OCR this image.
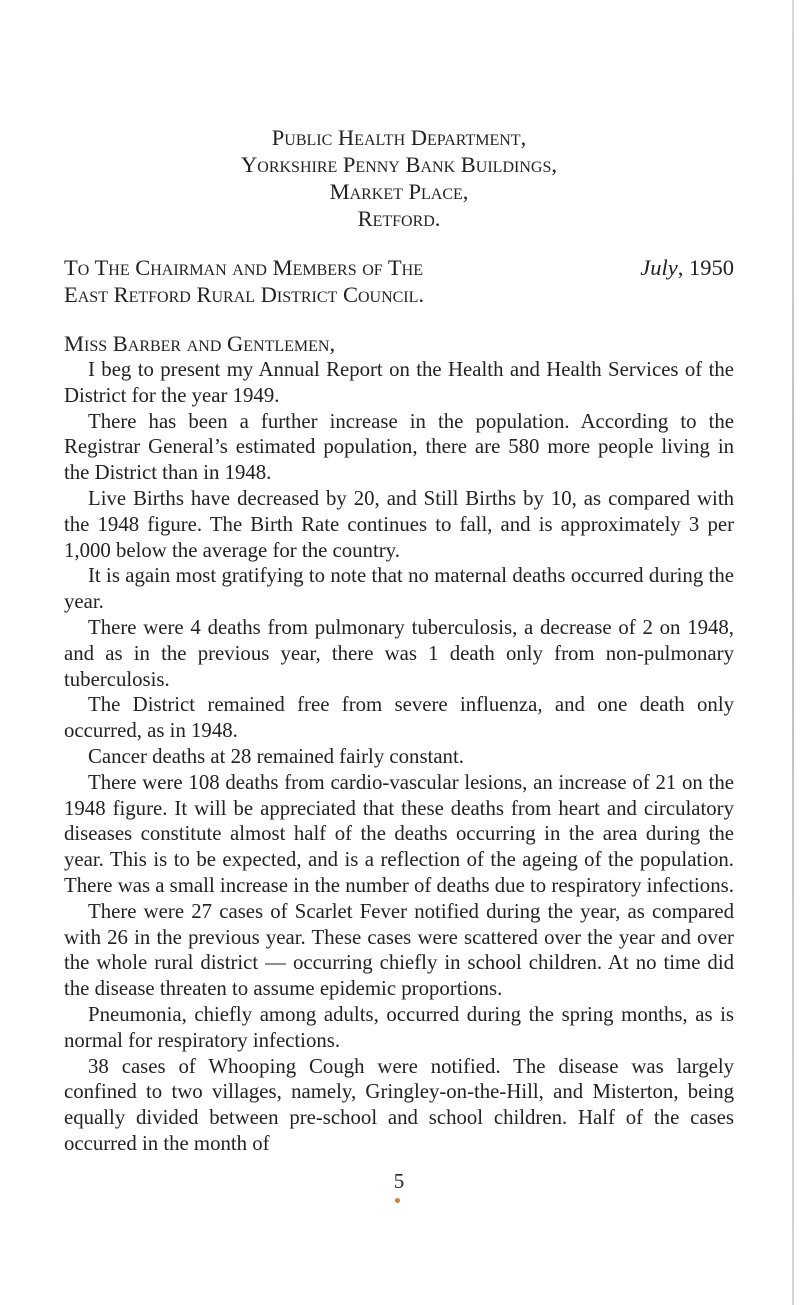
Public Health Department,
Yorkshire Penny Bank Buildings,
Market Place,
Retford.
To The Chairman and Members of The
East Retford Rural District Council.
July, 1950
Miss Barber and Gentlemen,

I beg to present my Annual Report on the Health and Health Services of the District for the year 1949.

There has been a further increase in the population. According to the Registrar General’s estimated population, there are 580 more people living in the District than in 1948.

Live Births have decreased by 20, and Still Births by 10, as compared with the 1948 figure. The Birth Rate continues to fall, and is approximately 3 per 1,000 below the average for the country.

It is again most gratifying to note that no maternal deaths occurred during the year.

There were 4 deaths from pulmonary tuberculosis, a decrease of 2 on 1948, and as in the previous year, there was 1 death only from non-pulmonary tuberculosis.

The District remained free from severe influenza, and one death only occurred, as in 1948.

Cancer deaths at 28 remained fairly constant.

There were 108 deaths from cardio-vascular lesions, an increase of 21 on the 1948 figure. It will be appreciated that these deaths from heart and circulatory diseases constitute almost half of the deaths occurring in the area during the year. This is to be expected, and is a reflection of the ageing of the population. There was a small increase in the number of deaths due to respiratory infections.

There were 27 cases of Scarlet Fever notified during the year, as compared with 26 in the previous year. These cases were scattered over the year and over the whole rural district — occurring chiefly in school children. At no time did the disease threaten to assume epidemic proportions.

Pneumonia, chiefly among adults, occurred during the spring months, as is normal for respiratory infections.

38 cases of Whooping Cough were notified. The disease was largely confined to two villages, namely, Gringley-on-the-Hill, and Misterton, being equally divided between pre-school and school children. Half of the cases occurred in the month of

5
